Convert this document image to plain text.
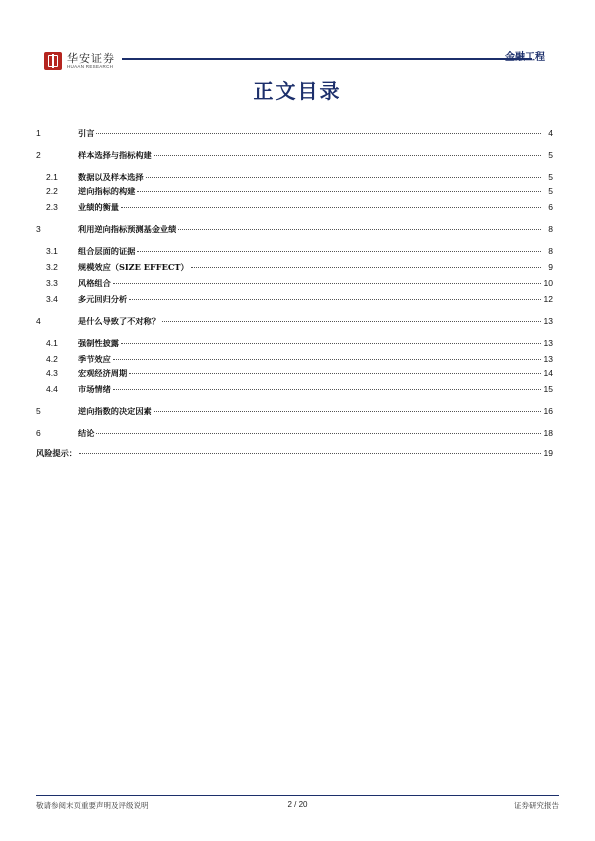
华安证券
HUAAN RESEARCH
金融工程
正文目录
1	引言	4
2	样本选择与指标构建	5
2.1	数据以及样本选择	5
2.2	逆向指标的构建	5
2.3	业绩的衡量	6
3	利用逆向指标预测基金业绩	8
3.1	组合层面的证据	8
3.2	规模效应（SIZE EFFECT）	9
3.3	风格组合	10
3.4	多元回归分析	12
4	是什么导致了不对称？	13
4.1	强制性披露	13
4.2	季节效应	13
4.3	宏观经济周期	14
4.4	市场情绪	15
5	逆向指数的决定因素	16
6	结论	18
风险提示：	19
敬请参阅末页重要声明及评级说明	2 / 20	证券研究报告
